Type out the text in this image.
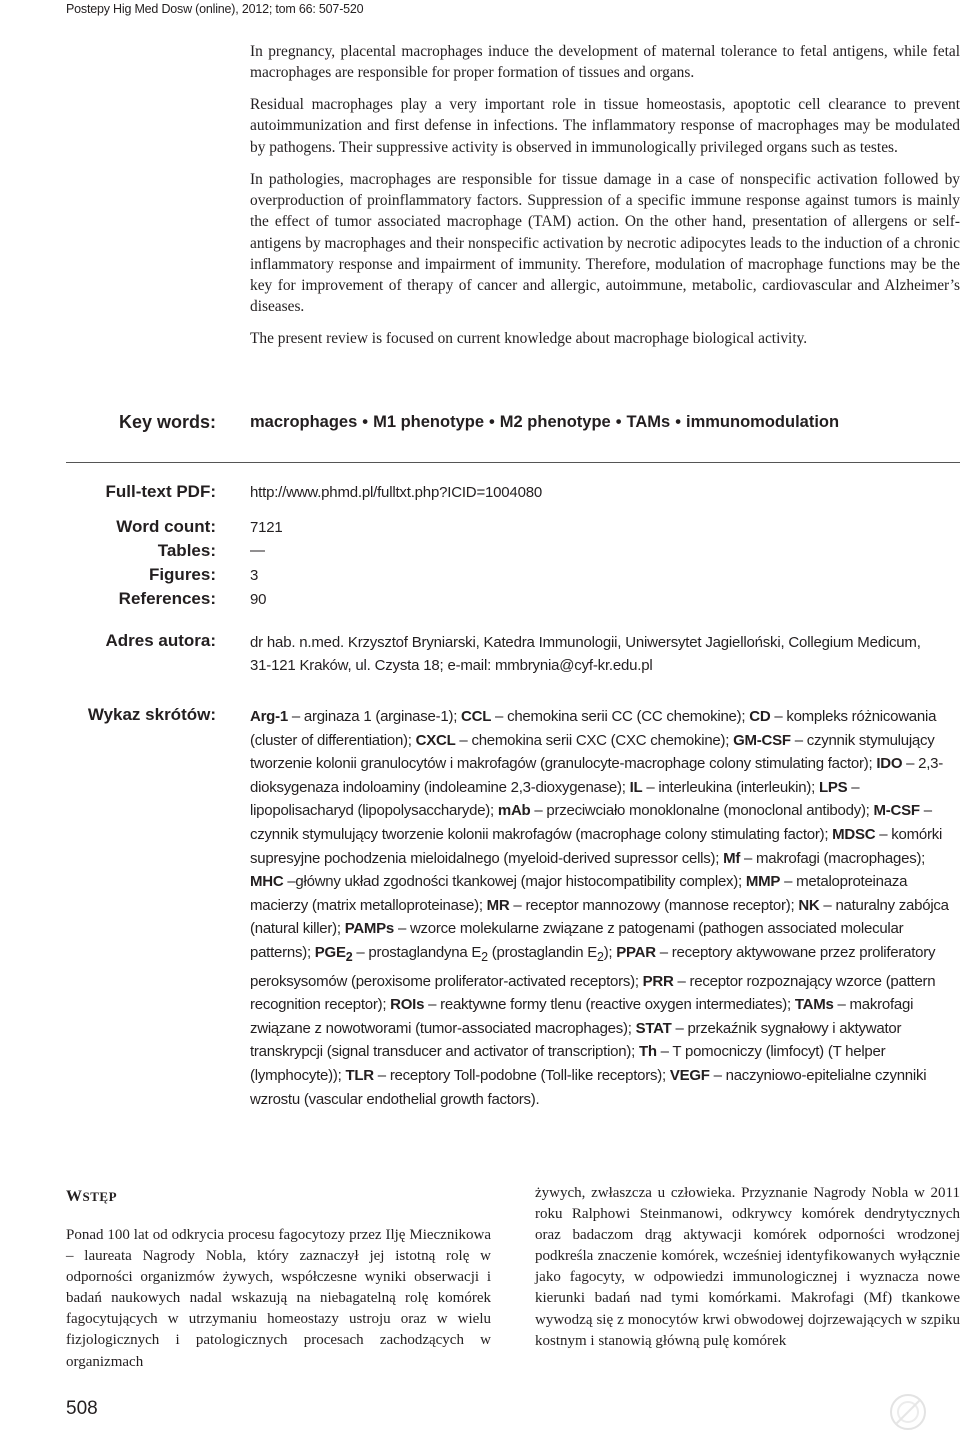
Postepy Hig Med Dosw (online), 2012; tom 66: 507-520

In pregnancy, placental macrophages induce the development of maternal tolerance to fetal antigens, while fetal macrophages are responsible for proper formation of tissues and organs.

Residual macrophages play a very important role in tissue homeostasis, apoptotic cell clearance to prevent autoimmunization and first defense in infections. The inflammatory response of macrophages may be modulated by pathogens. Their suppressive activity is observed in immunologically privileged organs such as testes.

In pathologies, macrophages are responsible for tissue damage in a case of nonspecific activation followed by overproduction of proinflammatory factors. Suppression of a specific immune response against tumors is mainly the effect of tumor associated macrophage (TAM) action. On the other hand, presentation of allergens or self-antigens by macrophages and their nonspecific activation by necrotic adipocytes leads to the induction of a chronic inflammatory response and impairment of immunity. Therefore, modulation of macrophage functions may be the key for improvement of therapy of cancer and allergic, autoimmune, metabolic, cardiovascular and Alzheimer’s diseases.

The present review is focused on current knowledge about macrophage biological activity.

Key words: macrophages • M1 phenotype • M2 phenotype • TAMs • immunomodulation
Full-text PDF: http://www.phmd.pl/fulltxt.php?ICID=1004080
Word count: 7121
Tables: —
Figures: 3
References: 90
Adres autora: dr hab. n.med. Krzysztof Bryniarski, Katedra Immunologii, Uniwersytet Jagielloński, Collegium Medicum,
31-121 Kraków, ul. Czysta 18; e-mail: mmbrynia@cyf-kr.edu.pl
Wykaz skrótów: Arg-1 – arginaza 1 (arginase-1); CCL – chemokina serii CC (CC chemokine); CD – kompleks różnicowania (cluster of differentiation); CXCL – chemokina serii CXC (CXC chemokine); GM-CSF – czynnik stymulujący tworzenie kolonii granulocytów i makrofagów (granulocyte-macrophage colony stimulating factor); IDO – 2,3-dioksygenaza indoloaminy (indoleamine 2,3-dioxygenase); IL – interleukina (interleukin); LPS – lipopolisacharyd (lipopolysaccharyde); mAb – przeciwciało monoklonalne (monoclonal antibody); M-CSF – czynnik stymulujący tworzenie kolonii makrofagów (macrophage colony stimulating factor); MDSC – komórki supresyjne pochodzenia mieloidalnego (myeloid-derived supressor cells); Mf – makrofagi (macrophages); MHC –główny układ zgodności tkankowej (major histocompatibility complex); MMP – metaloproteinaza macierzy (matrix metalloproteinase); MR – receptor mannozowy (mannose receptor); NK – naturalny zabójca (natural killer); PAMPs – wzorce molekularne związane z patogenami (pathogen associated molecular patterns); $PGE_2$ – prostaglandyna $E_2$ (prostaglandin $E_2$); PPAR – receptory aktywowane przez proliferatory peroksysomów (peroxisome proliferator-activated receptors); PRR – receptor rozpoznający wzorce (pattern recognition receptor); ROIs – reaktywne formy tlenu (reactive oxygen intermediates); TAMs – makrofagi związane z nowotworami (tumor-associated macrophages); STAT – przekaźnik sygnałowy i aktywator transkrypcji (signal transducer and activator of transcription); Th – T pomocniczy (limfocyt) (T helper (lymphocyte)); TLR – receptory Toll-podobne (Toll-like receptors); VEGF – naczyniowo-epitelialne czynniki wzrostu (vascular endothelial growth factors).
WSTĘP
Ponad 100 lat od odkrycia procesu fagocytozy przez Ilję Miecznikowa – laureata Nagrody Nobla, który zaznaczył jej istotną rolę w odporności organizmów żywych, współczesne wyniki obserwacji i badań naukowych nadal wskazują na niebagatelną rolę komórek fagocytujących w utrzymaniu homeostazy ustroju oraz w wielu fizjologicznych i patologicznych procesach zachodzących w organizmach
żywych, zwłaszcza u człowieka. Przyznanie Nagrody Nobla w 2011 roku Ralphowi Steinmanowi, odkrywcy komórek dendrytycznych oraz badaczom drąg aktywacji komórek odporności wrodzonej podkreśla znaczenie komórek, wcześniej identyfikowanych wyłącznie jako fagocyty, w odpowiedzi immunologicznej i wyznacza nowe kierunki badań nad tymi komórkami. Makrofagi (Mf) tkankowe wywodzą się z monocytów krwi obwodowej dojrzewających w szpiku kostnym i stanowią główną pulę komórek
508
